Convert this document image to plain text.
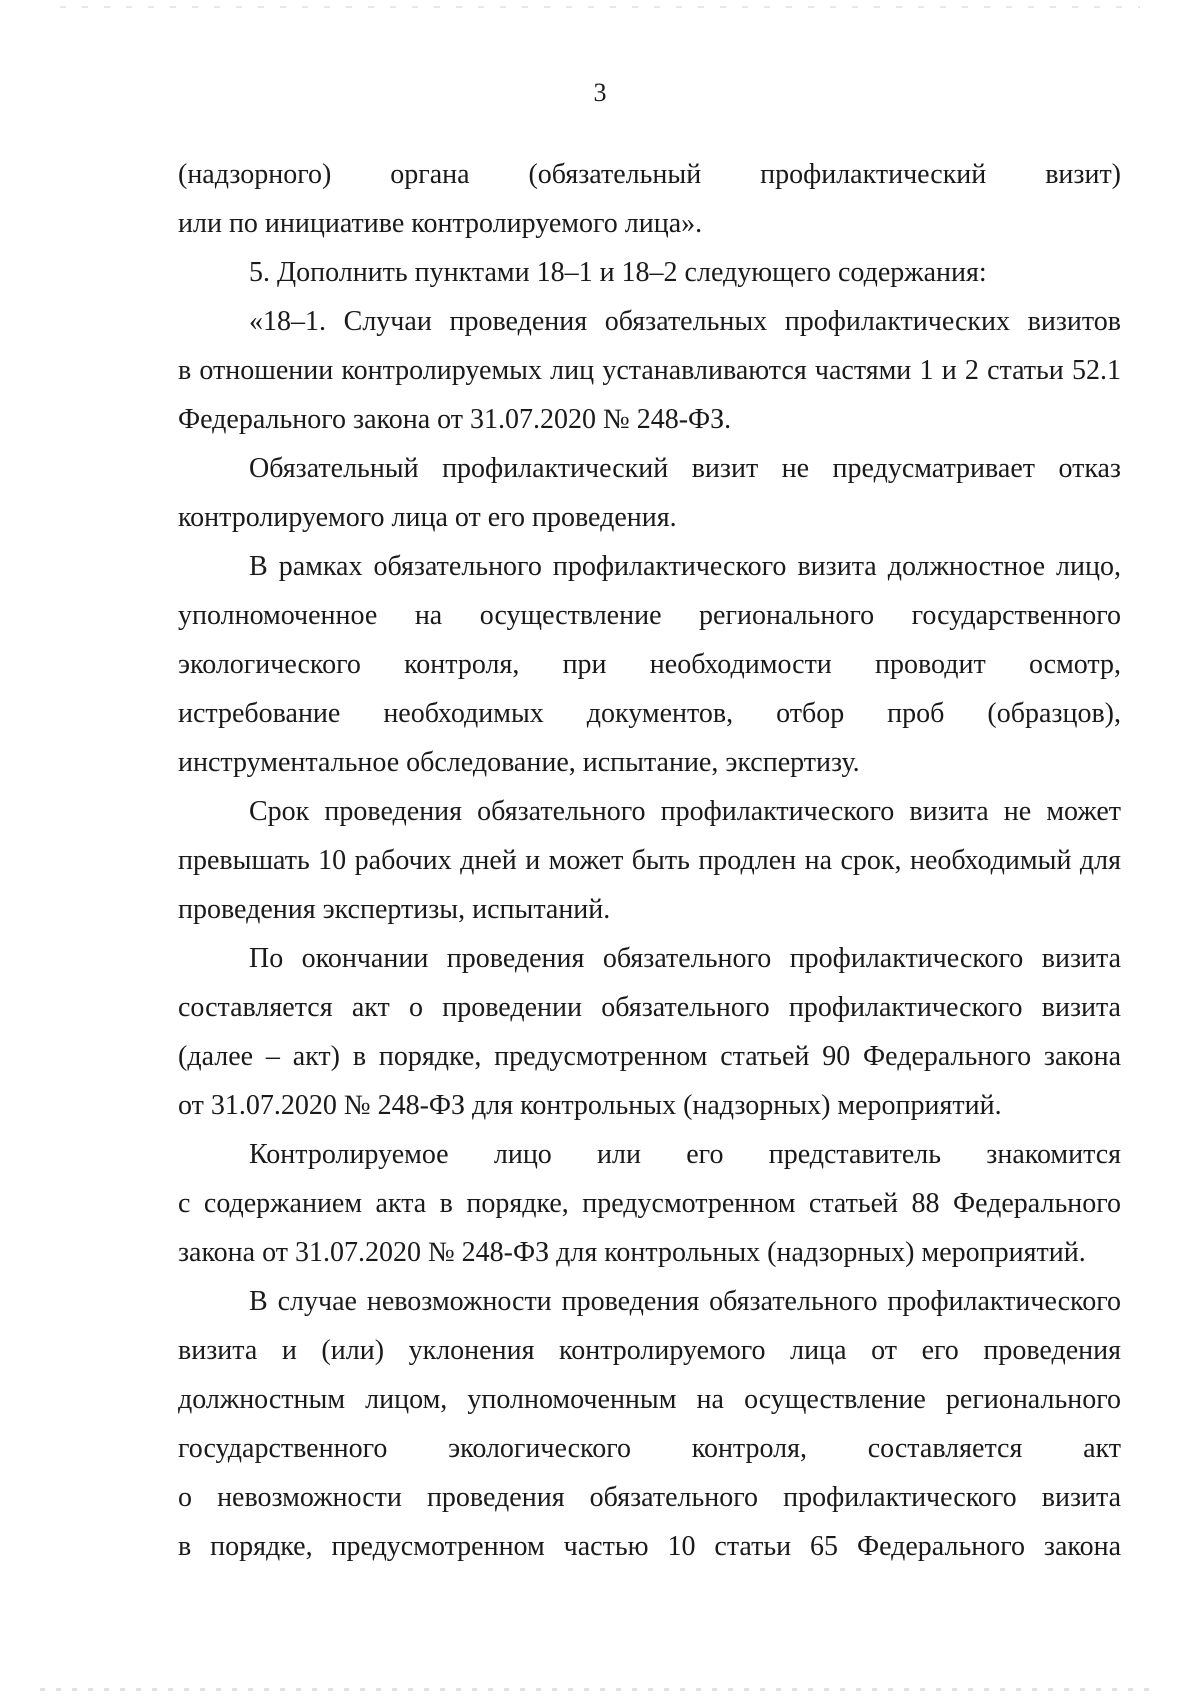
3
(надзорного) органа (обязательный профилактический визит)
или по инициативе контролируемого лица».
5. Дополнить пунктами 18–1 и 18–2 следующего содержания:
«18–1. Случаи проведения обязательных профилактических визитов
в отношении контролируемых лиц устанавливаются частями 1 и 2 статьи 52.1
Федерального закона от 31.07.2020 № 248-ФЗ.
Обязательный профилактический визит не предусматривает отказ
контролируемого лица от его проведения.
В рамках обязательного профилактического визита должностное лицо,
уполномоченное на осуществление регионального государственного
экологического контроля, при необходимости проводит осмотр,
истребование необходимых документов, отбор проб (образцов),
инструментальное обследование, испытание, экспертизу.
Срок проведения обязательного профилактического визита не может
превышать 10 рабочих дней и может быть продлен на срок, необходимый для
проведения экспертизы, испытаний.
По окончании проведения обязательного профилактического визита
составляется акт о проведении обязательного профилактического визита
(далее – акт) в порядке, предусмотренном статьей 90 Федерального закона
от 31.07.2020 № 248-ФЗ для контрольных (надзорных) мероприятий.
Контролируемое лицо или его представитель знакомится
с содержанием акта в порядке, предусмотренном статьей 88 Федерального
закона от 31.07.2020 № 248-ФЗ для контрольных (надзорных) мероприятий.
В случае невозможности проведения обязательного профилактического
визита и (или) уклонения контролируемого лица от его проведения
должностным лицом, уполномоченным на осуществление регионального
государственного экологического контроля, составляется акт
о невозможности проведения обязательного профилактического визита
в порядке, предусмотренном частью 10 статьи 65 Федерального закона
